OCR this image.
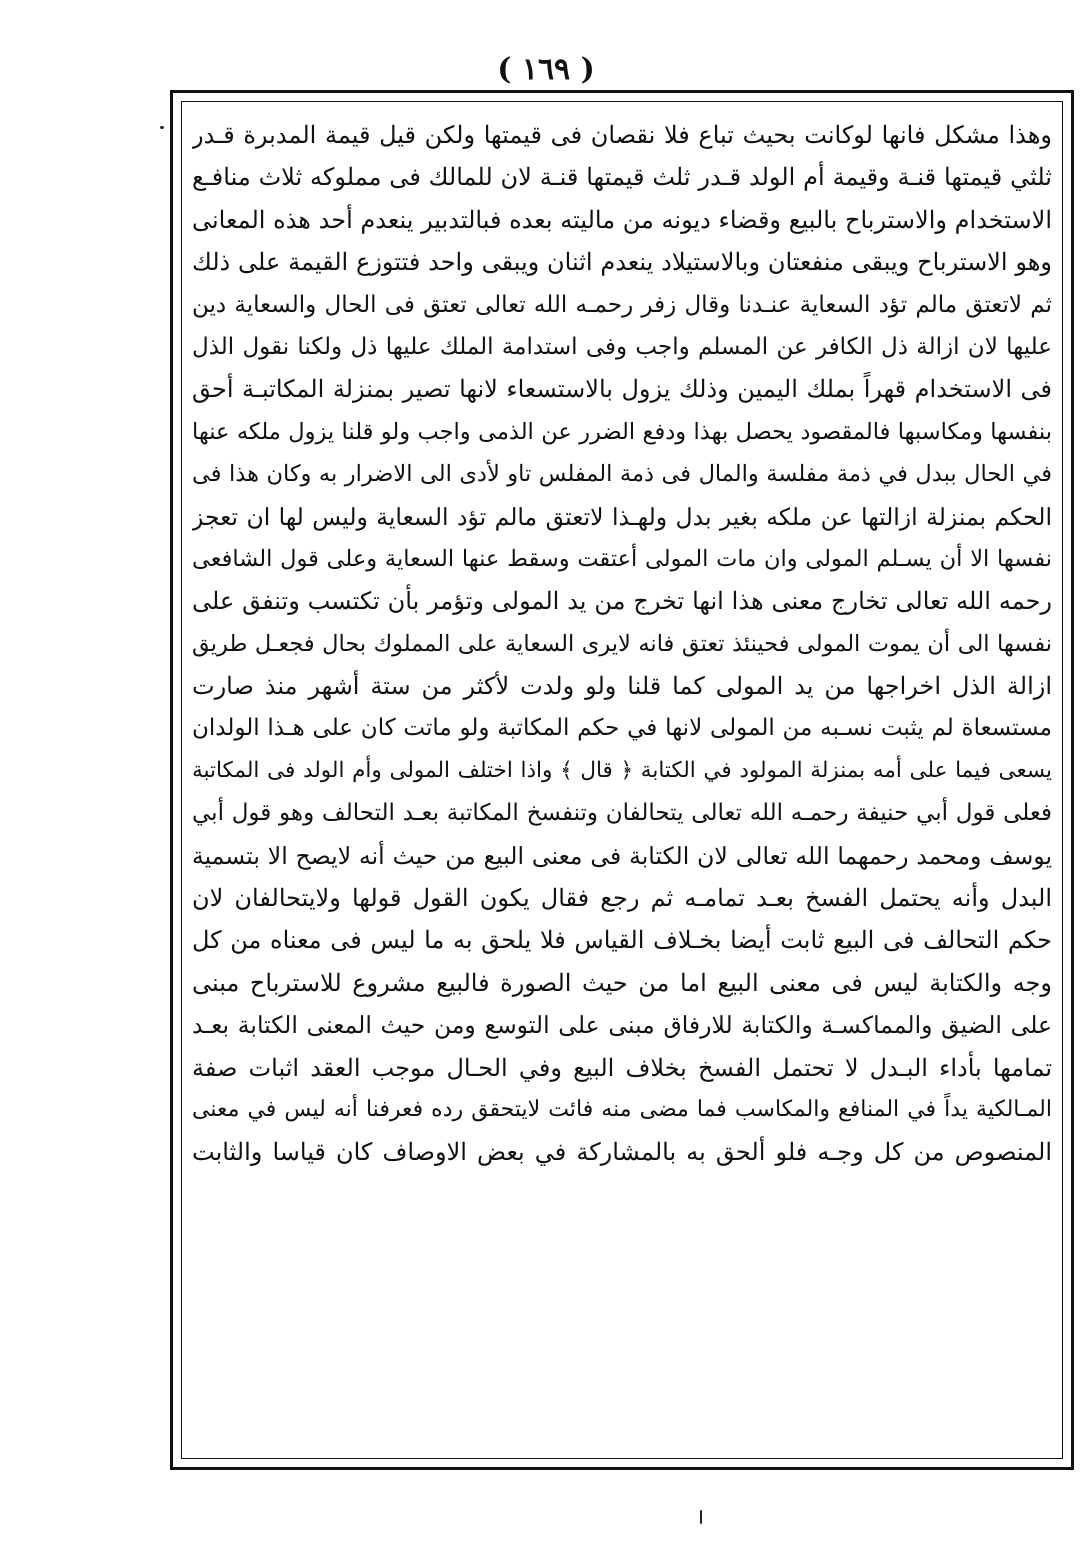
( ١٦٩ )
وهذا مشكل فانها لوكانت بحيث تباع فلا نقصان فى قيمتها ولكن قيل قيمة المدبرة قـدر
ثلثي قيمتها قنـة وقيمة أم الولد قـدر ثلث قيمتها قنـة لان للمالك فى مملوكه ثلاث منافـع
الاستخدام والاسترباح بالبيع وقضاء ديونه من ماليته بعده فبالتدبير ينعدم أحد هذه المعانى
وهو الاسترباح ويبقى منفعتان وبالاستيلاد ينعدم اثنان ويبقى واحد فتتوزع القيمة على ذلك
ثم لاتعتق مالم تؤد السعاية عنـدنا وقال زفر رحمـه الله تعالى تعتق فى الحال والسعاية دين
عليها لان ازالة ذل الكافر عن المسلم واجب وفى استدامة الملك عليها ذل ولكنا نقول الذل
فى الاستخدام قهراً بملك اليمين وذلك يزول بالاستسعاء لانها تصير بمنزلة المكاتبـة أحق
بنفسها ومكاسبها فالمقصود يحصل بهذا ودفع الضرر عن الذمى واجب ولو قلنا يزول ملكه عنها
في الحال ببدل في ذمة مفلسة والمال فى ذمة المفلس تاو لأدى الى الاضرار به وكان هذا فى
الحكم بمنزلة ازالتها عن ملكه بغير بدل ولهـذا لاتعتق مالم تؤد السعاية وليس لها ان تعجز
نفسها الا أن يسـلم المولى وان مات المولى أعتقت وسقط عنها السعاية وعلى قول الشافعى
رحمه الله تعالى تخارج معنى هذا انها تخرج من يد المولى وتؤمر بأن تكتسب وتنفق على
نفسها الى أن يموت المولى فحينئذ تعتق فانه لايرى السعاية على المملوك بحال فجعـل طريق
ازالة الذل اخراجها من يد المولى كما قلنا ولو ولدت لأكثر من ستة أشهر منذ صارت
مستسعاة لم يثبت نسـبه من المولى لانها في حكم المكاتبة ولو ماتت كان على هـذا الولدان
يسعى فيما على أمه بمنزلة المولود في الكتابة ﴿ قال ﴾ واذا اختلف المولى وأم الولد فى المكاتبة
فعلى قول أبي حنيفة رحمـه الله تعالى يتحالفان وتنفسخ المكاتبة بعـد التحالف وهو قول أبي
يوسف ومحمد رحمهما الله تعالى لان الكتابة فى معنى البيع من حيث أنه لايصح الا بتسمية
البدل وأنه يحتمل الفسخ بعـد تمامـه ثم رجع فقال يكون القول قولها ولايتحالفان لان
حكم التحالف فى البيع ثابت أيضا بخـلاف القياس فلا يلحق به ما ليس فى معناه من كل
وجه والكتابة ليس فى معنى البيع اما من حيث الصورة فالبيع مشروع للاسترباح مبنى
على الضيق والمماكسـة والكتابة للارفاق مبنى على التوسع ومن حيث المعنى الكتابة بعـد
تمامها بأداء البـدل لا تحتمل الفسخ بخلاف البيع وفي الحـال موجب العقد اثبات صفة
المـالكية يداً في المنافع والمكاسب فما مضى منه فائت لايتحقق رده فعرفنا أنه ليس في معنى
المنصوص من كل وجـه فلو ألحق به بالمشاركة في بعض الاوصاف كان قياسا والثابت
